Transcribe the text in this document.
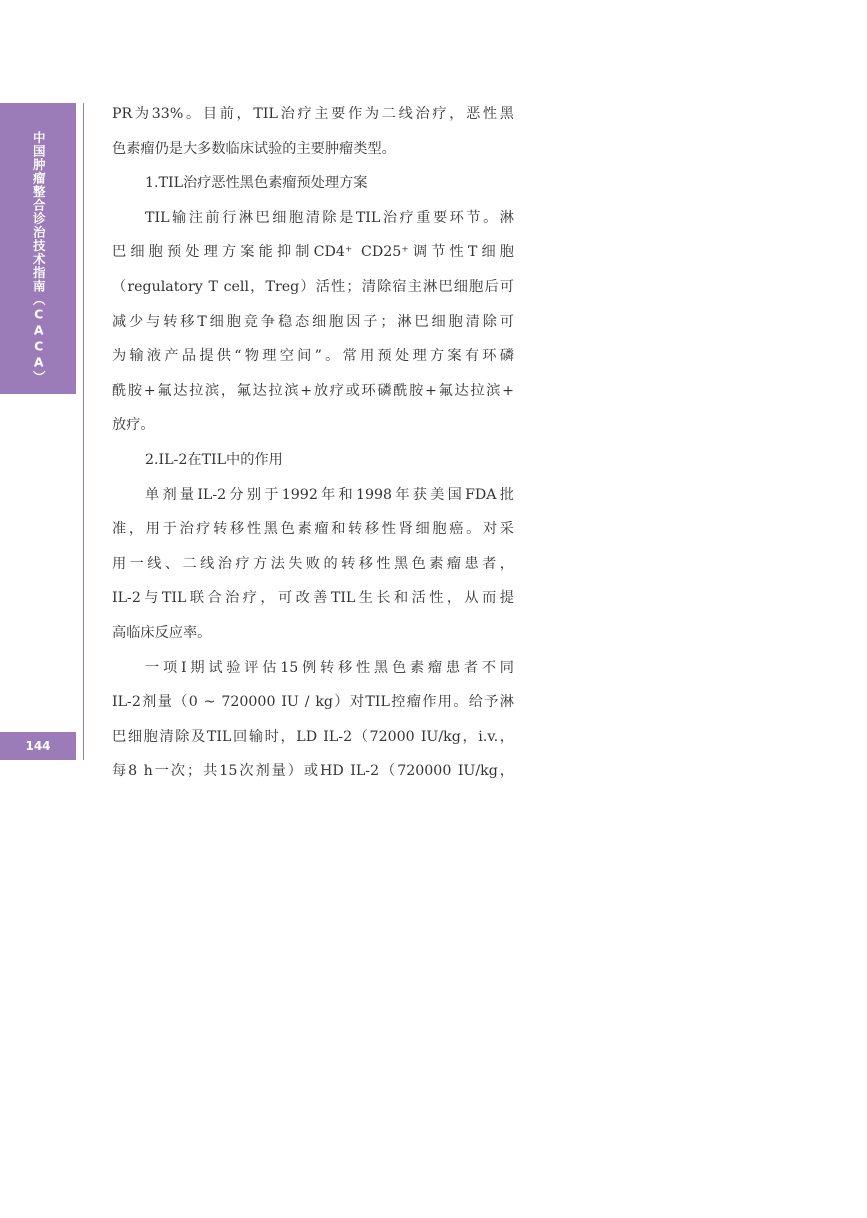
中国肿瘤整合诊治技术指南（CACA）
144
PR为33%。目前，TIL治疗主要作为二线治疗，恶性黑
色素瘤仍是大多数临床试验的主要肿瘤类型。
1.TIL治疗恶性黑色素瘤预处理方案
TIL输注前行淋巴细胞清除是TIL治疗重要环节。淋
巴细胞预处理方案能抑制CD4⁺ CD25⁺调节性T细胞
（regulatory T cell，Treg）活性；清除宿主淋巴细胞后可
减少与转移T细胞竞争稳态细胞因子；淋巴细胞清除可
为输液产品提供“物理空间”。常用预处理方案有环磷
酰胺+氟达拉滨，氟达拉滨+放疗或环磷酰胺+氟达拉滨+
放疗。
2.IL-2在TIL中的作用
单剂量IL-2分别于1992年和1998年获美国FDA批
准，用于治疗转移性黑色素瘤和转移性肾细胞癌。对采
用一线、二线治疗方法失败的转移性黑色素瘤患者，
IL-2与TIL联合治疗，可改善TIL生长和活性，从而提
高临床反应率。
一项Ⅰ期试验评估15例转移性黑色素瘤患者不同
IL-2剂量（0 ~ 720000 IU / kg）对TIL控瘤作用。给予淋
巴细胞清除及TIL回输时，LD IL-2（72000 IU/kg，i.v.，
每8 h一次；共15次剂量）或HD IL-2（720000 IU/kg，
